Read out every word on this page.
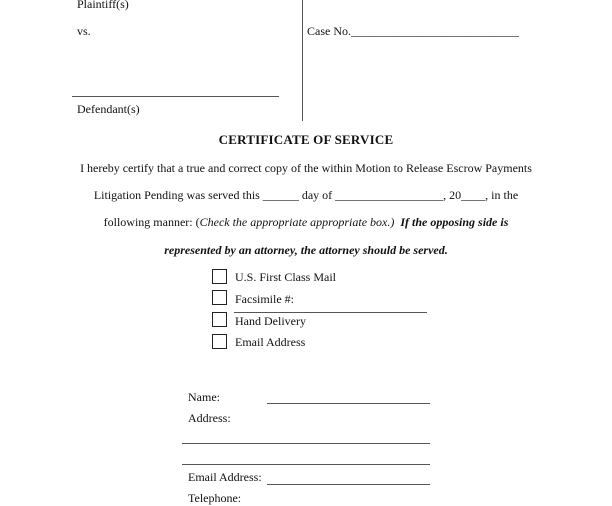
Plaintiff(s)
vs.
Defendant(s)
Case No.____________________________
CERTIFICATE OF SERVICE
I hereby certify that a true and correct copy of the within Motion to Release Escrow Payments
Litigation Pending was served this ______ day of __________________, 20____, in the
following manner: (Check the appropriate appropriate box.)  If the opposing side is
represented by an attorney, the attorney should be served.
U.S. First Class Mail
Facsimile #:
Hand Delivery
Email Address
Name:
Address:
Email Address:
Telephone:
